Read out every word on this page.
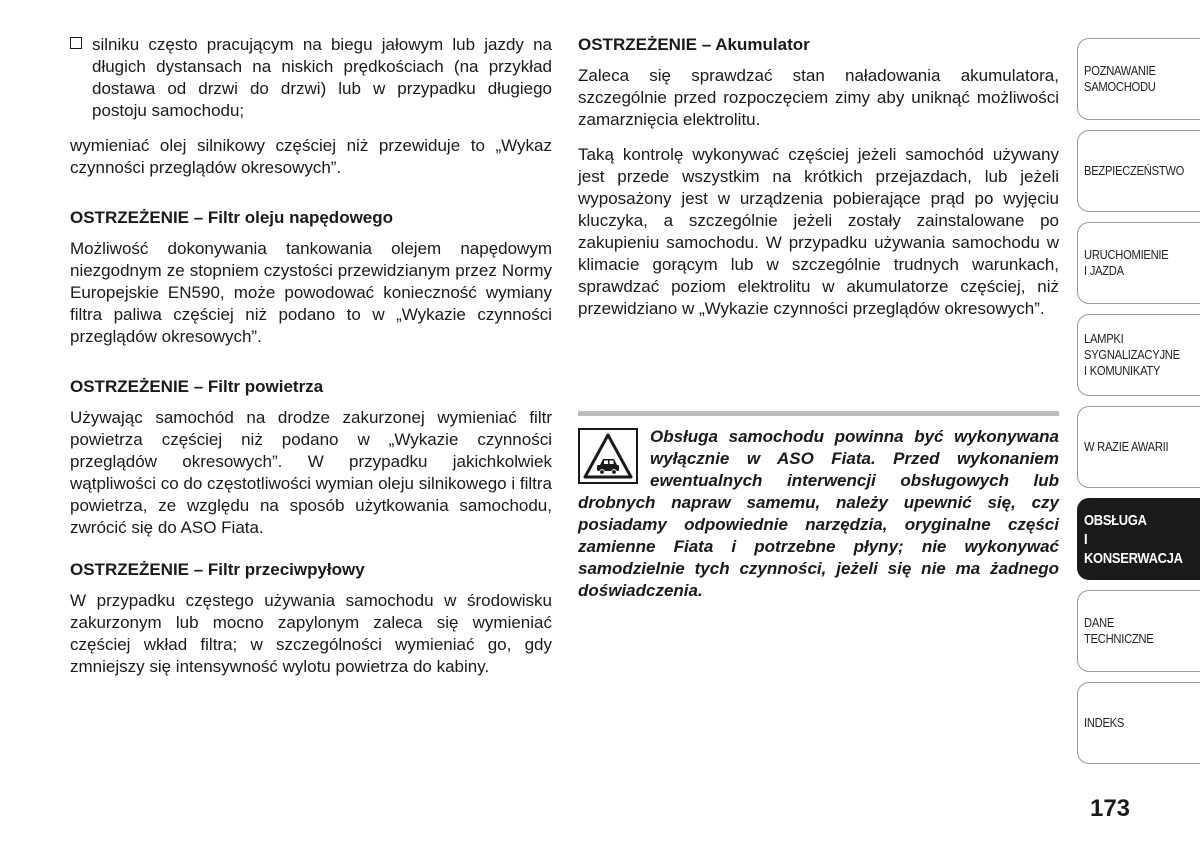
silniku często pracującym na biegu jałowym lub jazdy na długich dystansach na niskich prędkościach (na przykład dostawa od drzwi do drzwi) lub w przypadku długiego postoju samochodu;

wymieniać olej silnikowy częściej niż przewiduje to „Wykaz czynności przeglądów okresowych”.

OSTRZEŻENIE – Filtr oleju napędowego

Możliwość dokonywania tankowania olejem napędowym niezgodnym ze stopniem czystości przewidzianym przez Normy Europejskie EN590, może powodować konieczność wymiany filtra paliwa częściej niż podano to w „Wykazie czynności przeglądów okresowych”.

OSTRZEŻENIE – Filtr powietrza

Używając samochód na drodze zakurzonej wymieniać filtr powietrza częściej niż podano w „Wykazie czynności przeglądów okresowych”. W przypadku jakichkolwiek wątpliwości co do częstotliwości wymian oleju silnikowego i filtra powietrza, ze względu na sposób użytkowania samochodu, zwrócić się do ASO Fiata.

OSTRZEŻENIE – Filtr przeciwpyłowy

W przypadku częstego używania samochodu w środowisku zakurzonym lub mocno zapylonym zaleca się wymieniać częściej wkład filtra; w szczególności wymieniać go, gdy zmniejszy się intensywność wylotu powietrza do kabiny.

OSTRZEŻENIE – Akumulator

Zaleca się sprawdzać stan naładowania akumulatora, szczególnie przed rozpoczęciem zimy aby uniknąć możliwości zamarznięcia elektrolitu.

Taką kontrolę wykonywać częściej jeżeli samochód używany jest przede wszystkim na krótkich przejazdach, lub jeżeli wyposażony jest w urządzenia pobierające prąd po wyjęciu kluczyka, a szczególnie jeżeli zostały zainstalowane po zakupieniu samochodu. W przypadku używania samochodu w klimacie gorącym lub w szczególnie trudnych warunkach, sprawdzać poziom elektrolitu w akumulatorze częściej, niż przewidziano w „Wykazie czynności przeglądów okresowych”.

Obsługa samochodu powinna być wykonywana wyłącznie w ASO Fiata. Przed wykonaniem ewentualnych interwencji obsługowych lub drobnych napraw samemu, należy upewnić się, czy posiadamy odpowiednie narzędzia, oryginalne części zamienne Fiata i potrzebne płyny; nie wykonywać samodzielnie tych czynności, jeżeli się nie ma żadnego doświadczenia.
POZNAWANIE
SAMOCHODU
BEZPIECZEŃSTWO
URUCHOMIENIE
I JAZDA
LAMPKI
SYGNALIZACYJNE
I KOMUNIKATY
W RAZIE AWARII
OBSŁUGA
I KONSERWACJA
DANE
TECHNICZNE
INDEKS
173
